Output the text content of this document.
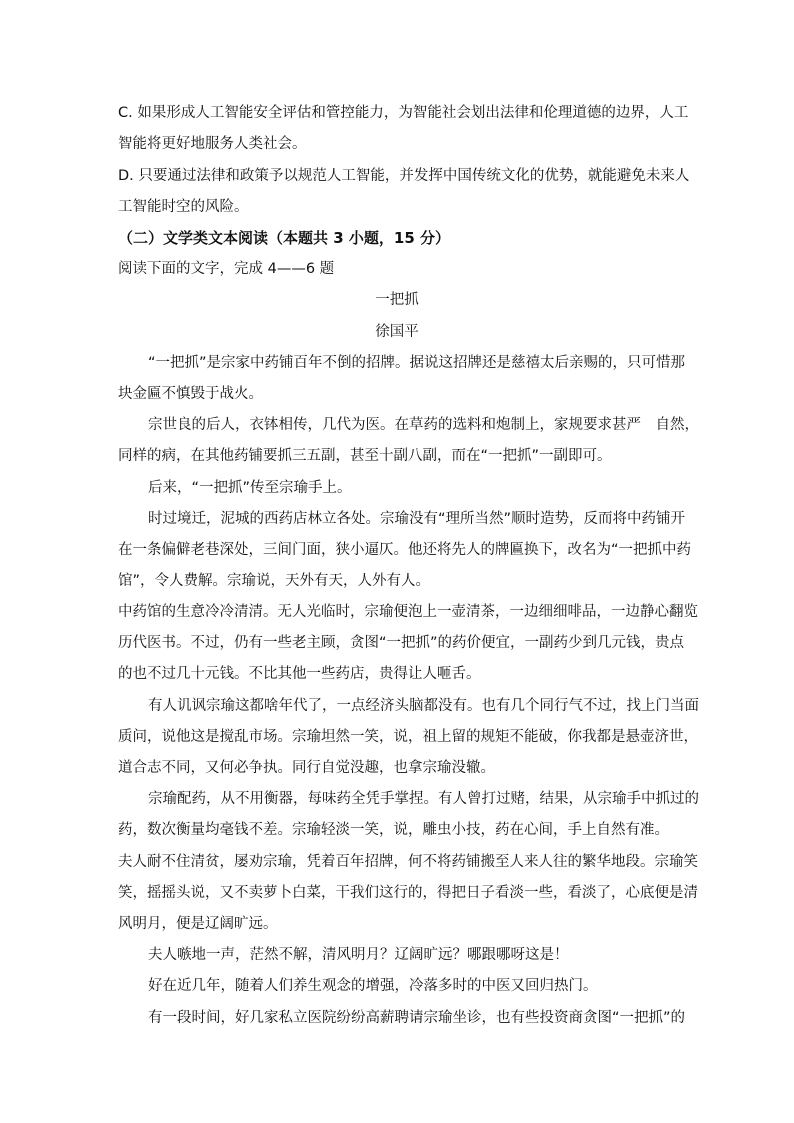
C. 如果形成人工智能安全评估和管控能力，为智能社会划出法律和伦理道德的边界，人工
智能将更好地服务人类社会。
D. 只要通过法律和政策予以规范人工智能，并发挥中国传统文化的优势，就能避免未来人
工智能时空的风险。
（二）文学类文本阅读（本题共 3 小题，15 分）
阅读下面的文字，完成 4——6 题
一把抓
徐国平
“一把抓”是宗家中药铺百年不倒的招牌。据说这招牌还是慈禧太后亲赐的，只可惜那
块金匾不慎毁于战火。
宗世良的后人，衣钵相传，几代为医。在草药的选料和炮制上，家规要求甚严　自然，
同样的病，在其他药铺要抓三五副，甚至十副八副，而在“一把抓”一副即可。
后来，“一把抓”传至宗瑜手上。
时过境迁，泥城的西药店林立各处。宗瑜没有“理所当然”顺时造势，反而将中药铺开
在一条偏僻老巷深处，三间门面，狭小逼仄。他还将先人的牌匾换下，改名为“一把抓中药
馆”，令人费解。宗瑜说，天外有天，人外有人。
中药馆的生意冷冷清清。无人光临时，宗瑜便泡上一壶清茶，一边细细啡品，一边静心翻览
历代医书。不过，仍有一些老主顾，贪图“一把抓”的药价便宜，一副药少到几元钱，贵点
的也不过几十元钱。不比其他一些药店，贵得让人咂舌。
有人讥讽宗瑜这都啥年代了，一点经济头脑都没有。也有几个同行气不过，找上门当面
质问，说他这是搅乱市场。宗瑜坦然一笑，说，祖上留的规矩不能破，你我都是悬壶济世，
道合志不同，又何必争执。同行自觉没趣，也拿宗瑜没辙。
宗瑜配药，从不用衡器，每味药全凭手掌捏。有人曾打过赌，结果，从宗瑜手中抓过的
药，数次衡量均毫钱不差。宗瑜轻淡一笑，说，雕虫小技，药在心间，手上自然有准。
夫人耐不住清贫，屡劝宗瑜，凭着百年招牌，何不将药铺搬至人来人往的繁华地段。宗瑜笑
笑，摇摇头说，又不卖萝卜白菜，干我们这行的，得把日子看淡一些，看淡了，心底便是清
风明月，便是辽阔旷远。
夫人嗾地一声，茫然不解，清风明月？辽阔旷远？哪跟哪呀这是！
好在近几年，随着人们养生观念的增强，冷落多时的中医又回归热门。
有一段时间，好几家私立医院纷纷高薪聘请宗瑜坐诊，也有些投资商贪图“一把抓”的
